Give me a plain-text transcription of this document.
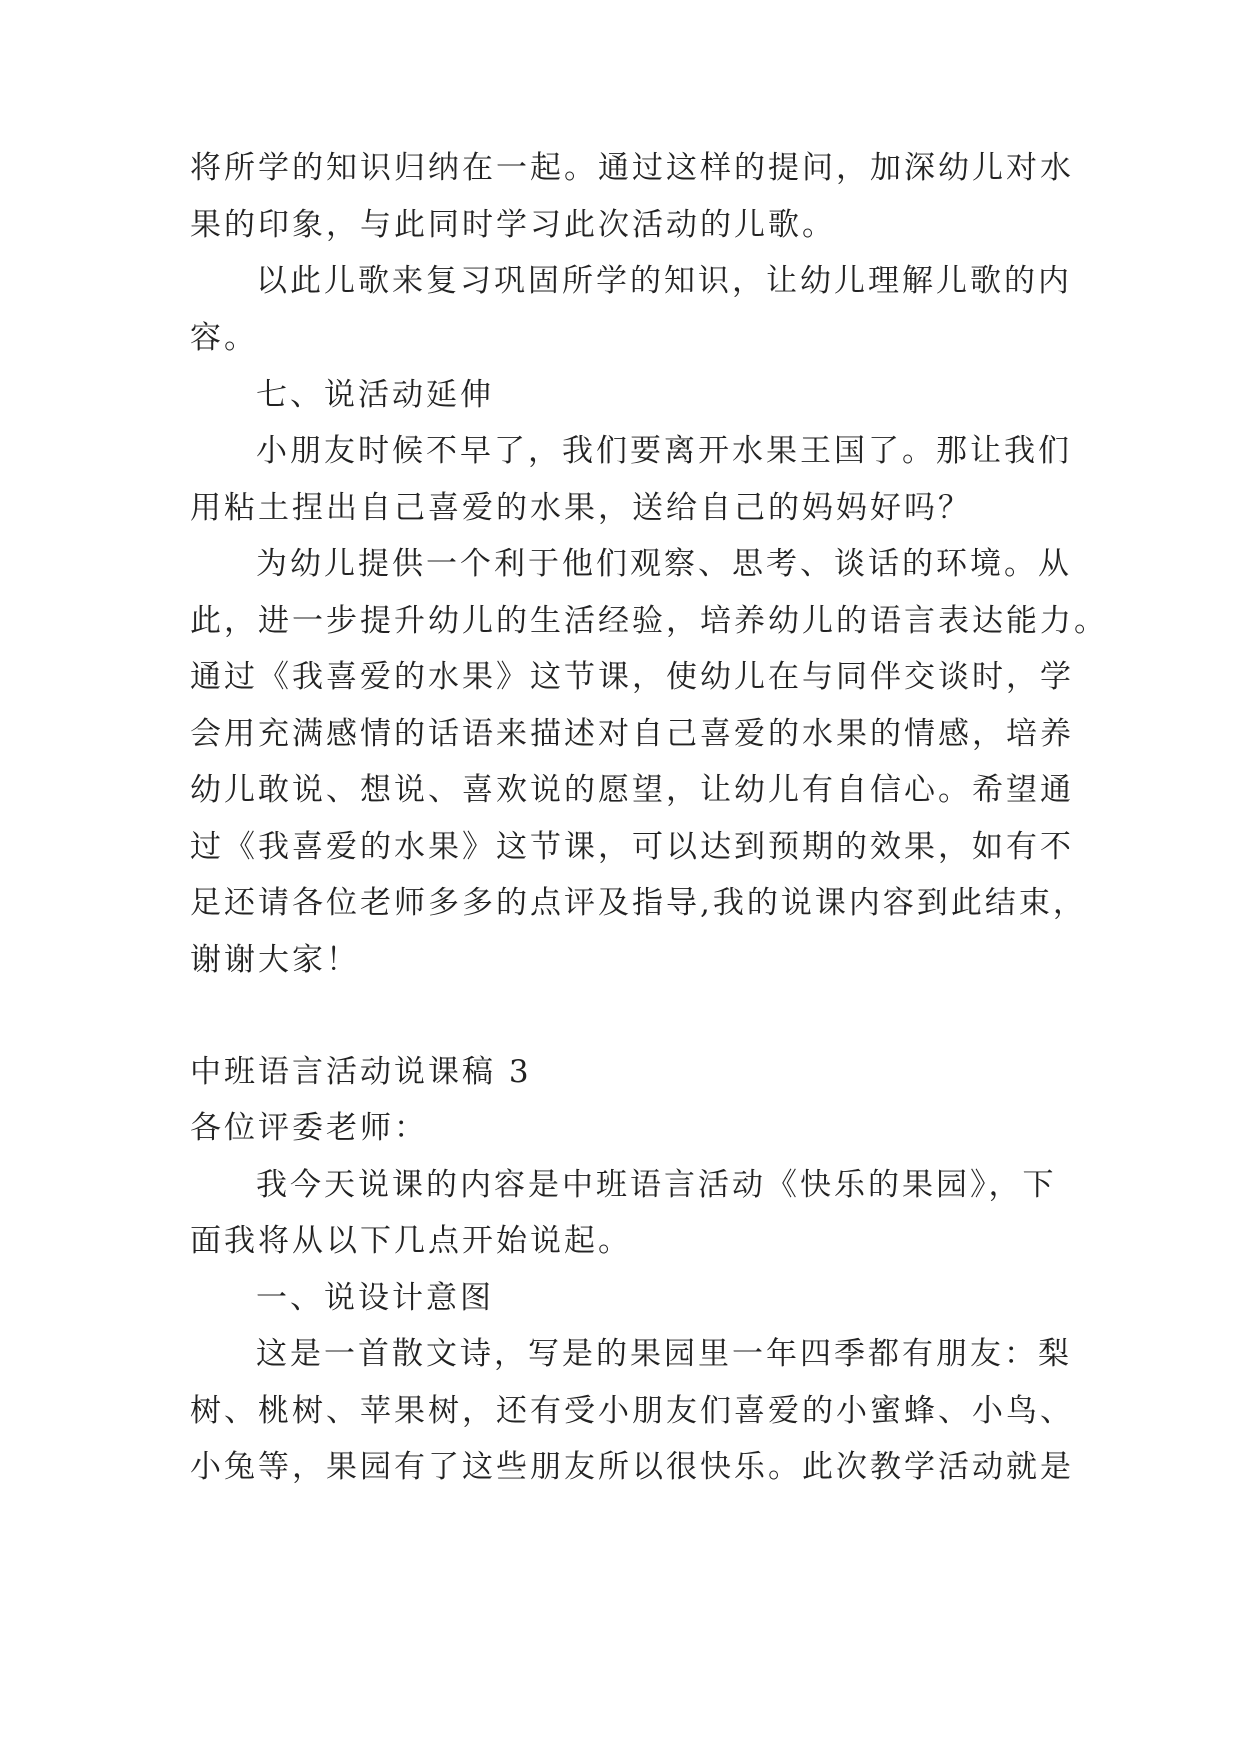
将所学的知识归纳在一起。通过这样的提问，加深幼儿对水
果的印象，与此同时学习此次活动的儿歌。
以此儿歌来复习巩固所学的知识，让幼儿理解儿歌的内
容。
七、说活动延伸
小朋友时候不早了，我们要离开水果王国了。那让我们
用粘土捏出自己喜爱的水果，送给自己的妈妈好吗？
为幼儿提供一个利于他们观察、思考、谈话的环境。从
此，进一步提升幼儿的生活经验，培养幼儿的语言表达能力。
通过《我喜爱的水果》这节课，使幼儿在与同伴交谈时，学
会用充满感情的话语来描述对自己喜爱的水果的情感，培养
幼儿敢说、想说、喜欢说的愿望，让幼儿有自信心。希望通
过《我喜爱的水果》这节课，可以达到预期的效果，如有不
足还请各位老师多多的点评及指导,我的说课内容到此结束，
谢谢大家！
中班语言活动说课稿 3
各位评委老师：
我今天说课的内容是中班语言活动《快乐的果园》，下
面我将从以下几点开始说起。
一、说设计意图
这是一首散文诗，写是的果园里一年四季都有朋友：梨
树、桃树、苹果树，还有受小朋友们喜爱的小蜜蜂、小鸟、
小兔等，果园有了这些朋友所以很快乐。此次教学活动就是
